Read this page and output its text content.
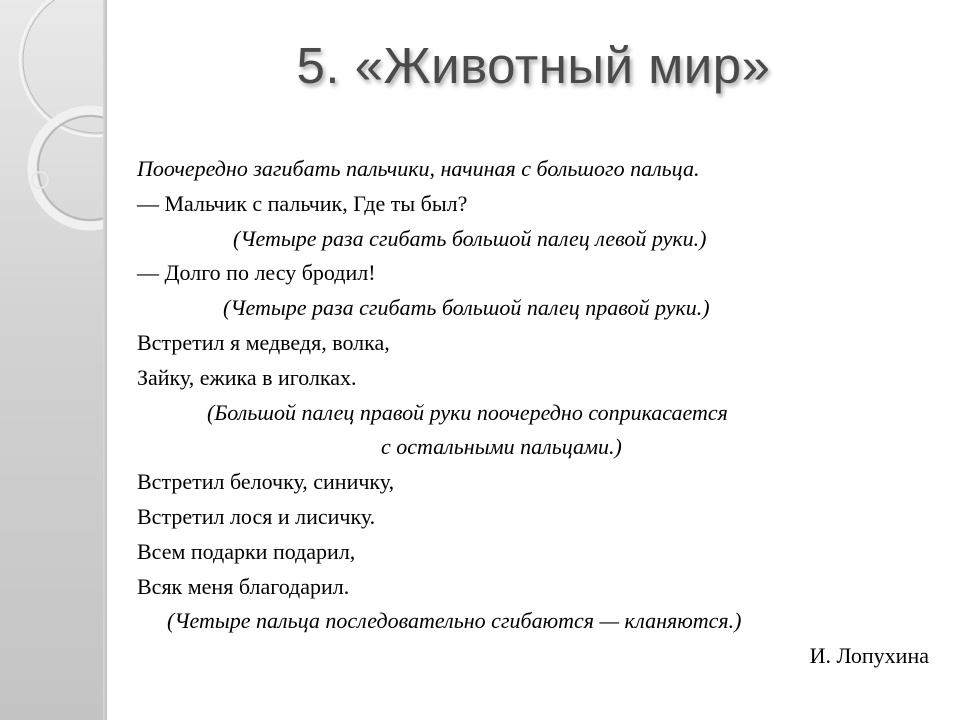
5. «Животный мир»
Поочередно загибать пальчики, начиная с большого пальца.
— Мальчик с пальчик, Где ты был?
(Четыре раза сгибать большой палец левой руки.)
— Долго по лесу бродил!
(Четыре раза сгибать большой палец правой руки.)
Встретил я медведя, волка,
Зайку, ежика в иголках.
(Большой палец правой руки поочередно соприкасается
с остальными пальцами.)
Встретил белочку, синичку,
Встретил лося и лисичку.
Всем подарки подарил,
Всяк меня благодарил.
(Четыре пальца последовательно сгибаются — кланяются.)
И. Лопухина
